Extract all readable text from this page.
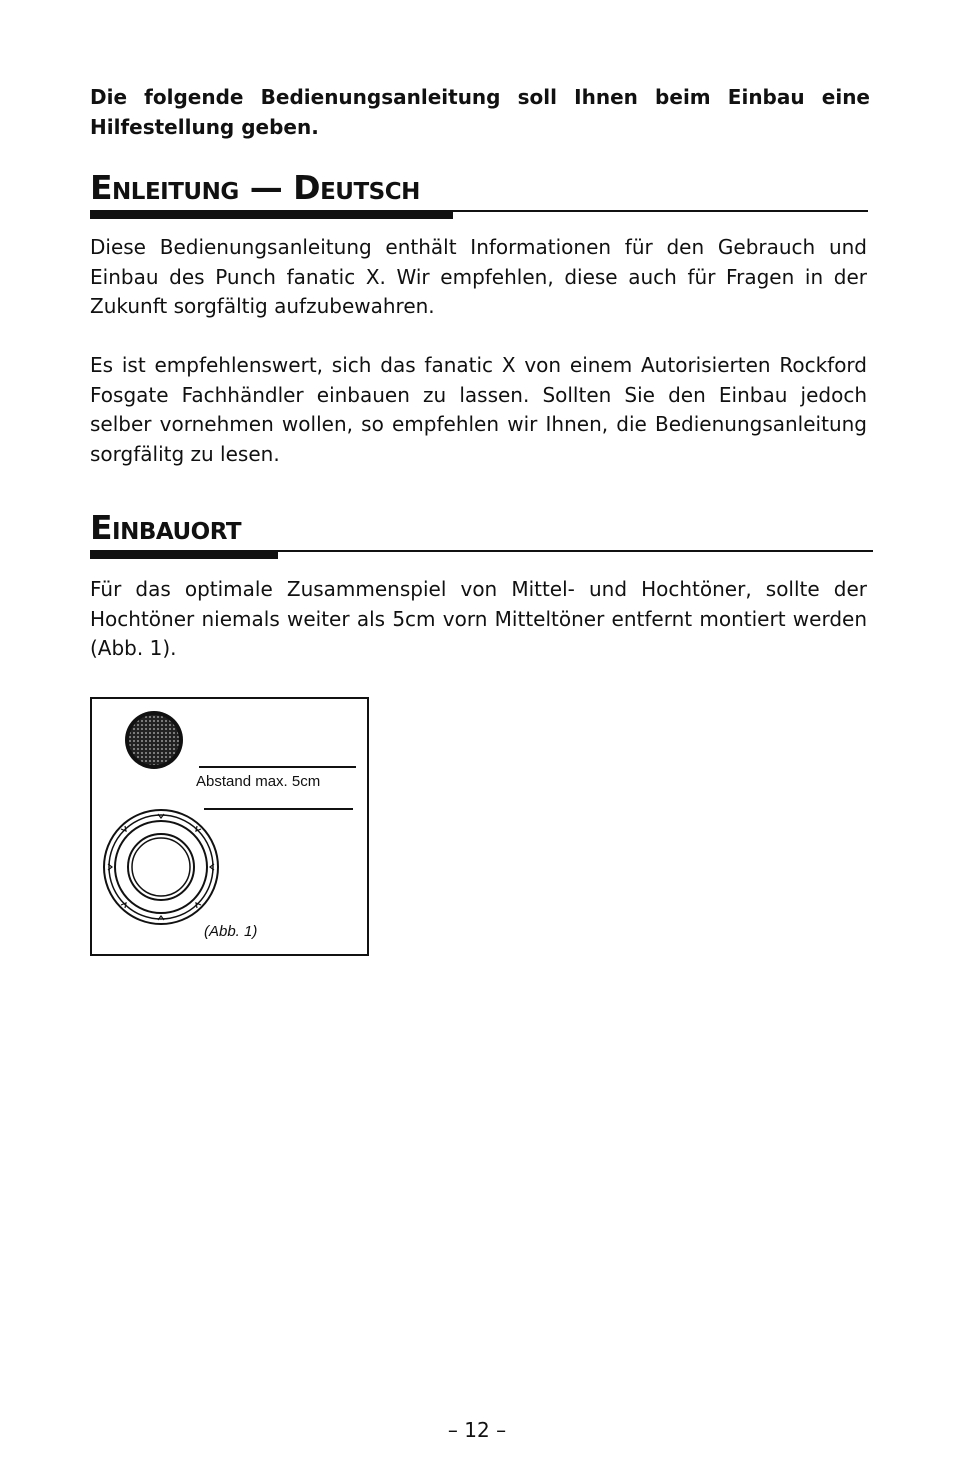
Die folgende Bedienungsanleitung soll Ihnen beim Einbau eine Hilfestellung geben.
Enleitung — Deutsch

Diese Bedienungsanleitung enthält Informationen für den Gebrauch und Einbau des Punch fanatic X. Wir empfehlen, diese auch für Fragen in der Zukunft sorgfältig aufzubewahren.

Es ist empfehlenswert, sich das fanatic X von einem Autorisierten Rockford Fosgate Fachhändler einbauen zu lassen. Sollten Sie den Einbau jedoch selber vornehmen wollen, so empfehlen wir Ihnen, die Bedienungsanleitung sorgfälitg zu lesen.

Einbauort

Für das optimale Zusammenspiel von Mittel- und Hochtöner, sollte der Hochtöner niemals weiter als 5cm vorn Mitteltöner entfernt montiert werden (Abb. 1).

Abstand max. 5cm
(Abb. 1)
– 12 –
